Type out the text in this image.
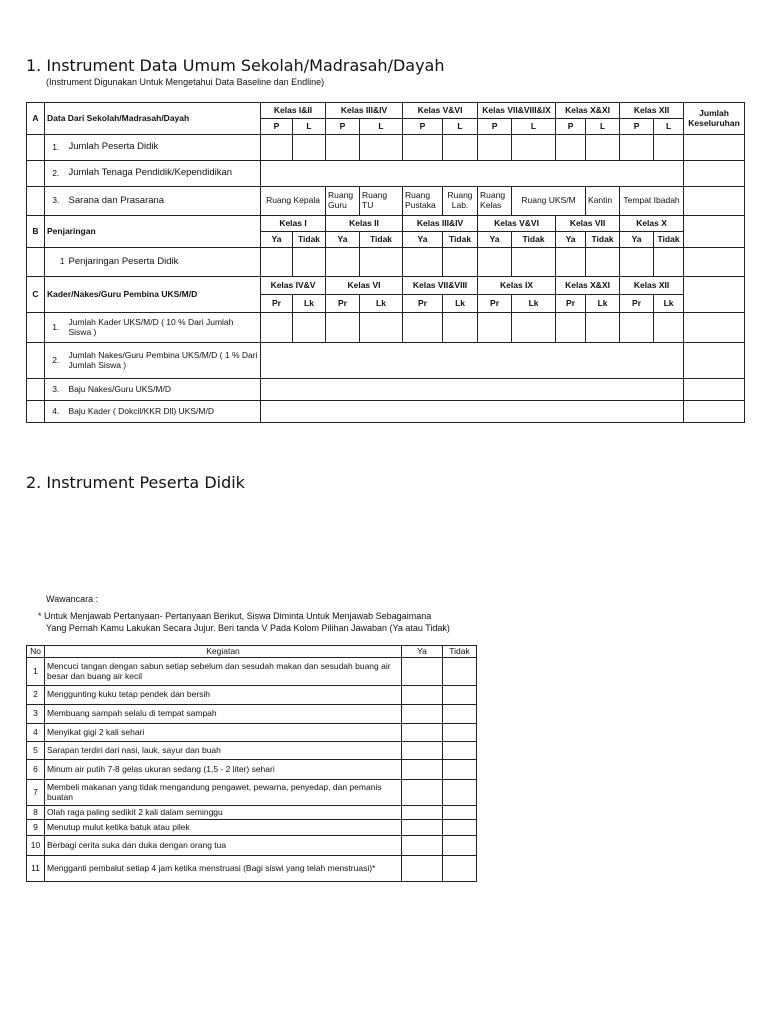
1. Instrument Data Umum Sekolah/Madrasah/Dayah
(Instrument Digunakan Untuk Mengetahui Data Baseline dan Endline)
A	Data Dari Sekolah/Madrasah/Dayah		Kelas I&II		Kelas III&IV		Kelas V&VI		Kelas VII&VIII&IX		Kelas X&XI		Kelas XII		Jumlah Keseluruhan
			P	L	P	L	P	L	P	L	P	L	P	L	
	1.	Jumlah Peserta Didik													
	2.	Jumlah Tenaga Pendidik/Kependidikan													
	3.	Sarana dan Prasarana	Ruang Kepala		Ruang Guru	Ruang TU	Ruang Pustaka	Ruang Lab.	Ruang Kelas	Ruang UKS/M		Kantin	Tempat Ibadah		
B	Penjaringan		Kelas I		Kelas II		Kelas III&IV		Kelas V&VI		Kelas VII		Kelas X		
			Ya	Tidak	Ya	Tidak	Ya	Tidak	Ya	Tidak	Ya	Tidak	Ya	Tidak	
	1	Penjaringan Peserta Didik													
C	Kader/Nakes/Guru Pembina UKS/M/D		Kelas IV&V		Kelas VI		Kelas VII&VIII		Kelas IX		Kelas X&XI		Kelas XII		
			Pr	Lk	Pr	Lk	Pr	Lk	Pr	Lk	Pr	Lk	Pr	Lk	
	1.	Jumlah Kader UKS/M/D ( 10 % Dari Jumlah Siswa )													
	2.	Jumlah Nakes/Guru Pembina UKS/M/D ( 1 % Dari Jumlah Siswa )													
	3.	Baju Nakes/Guru UKS/M/D													
	4.	Baju Kader ( Dokcil/KKR Dll) UKS/M/D													
2. Instrument Peserta Didik
Wawancara :
* Untuk Menjawab Pertanyaan- Pertanyaan Berikut, Siswa Diminta Untuk Menjawab Sebagaimana
Yang Pernah Kamu Lakukan Secara Jujur. Beri tanda V Pada Kolom Pilihan Jawaban (Ya atau Tidak)
No	Kegiatan	Ya	Tidak
1	Mencuci tangan dengan sabun setiap sebelum dan sesudah makan dan sesudah buang air besar dan buang air kecil		
2	Menggunting kuku tetap pendek dan bersih		
3	Membuang sampah selalu di tempat sampah		
4	Menyikat gigi 2 kali sehari		
5	Sarapan terdiri dari nasi, lauk, sayur dan buah		
6	Minum air putih 7-8 gelas ukuran sedang (1,5 - 2 liter) sehari		
7	Membeli makanan yang tidak mengandung pengawet, pewarna, penyedap, dan pemanis buatan		
8	Olah raga paling sedikit 2 kali dalam seminggu		
9	Menutup mulut ketika batuk atau pilek		
10	Berbagi cerita suka dan duka dengan orang tua		
11	Mengganti pembalut setiap 4 jam ketika menstruasi (Bagi siswi yang telah menstruasi)*		
